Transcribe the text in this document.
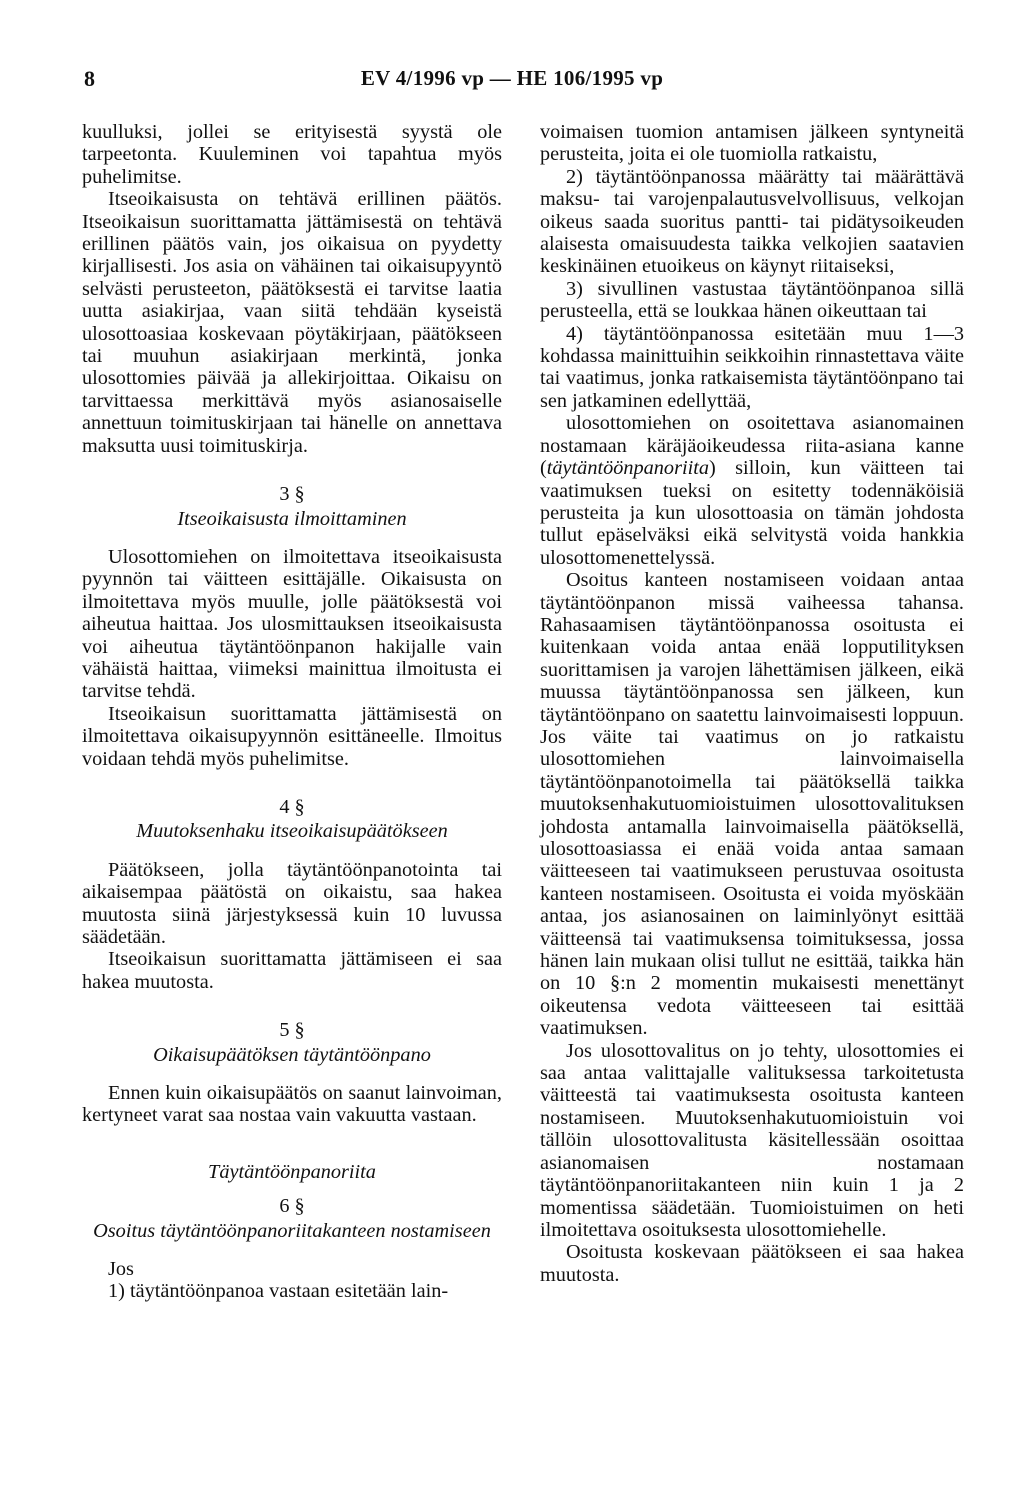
8	EV 4/1996 vp — HE 106/1995 vp

kuulluksi, jollei se erityisestä syystä ole tarpeetonta. Kuuleminen voi tapahtua myös puhelimitse.

Itseoikaisusta on tehtävä erillinen päätös. Itseoikaisun suorittamatta jättämisestä on tehtävä erillinen päätös vain, jos oikaisua on pyydetty kirjallisesti. Jos asia on vähäinen tai oikaisupyyntö selvästi perusteeton, päätöksestä ei tarvitse laatia uutta asiakirjaa, vaan siitä tehdään kyseistä ulosottoasiaa koskevaan pöytäkirjaan, päätökseen tai muuhun asiakirjaan merkintä, jonka ulosottomies päivää ja allekirjoittaa. Oikaisu on tarvittaessa merkittävä myös asianosaiselle annettuun toimituskirjaan tai hänelle on annettava maksutta uusi toimituskirja.

3 §
Itseoikaisusta ilmoittaminen

Ulosottomiehen on ilmoitettava itseoikaisusta pyynnön tai väitteen esittäjälle. Oikaisusta on ilmoitettava myös muulle, jolle päätöksestä voi aiheutua haittaa. Jos ulosmittauksen itseoikaisusta voi aiheutua täytäntöönpanon hakijalle vain vähäistä haittaa, viimeksi mainittua ilmoitusta ei tarvitse tehdä.

Itseoikaisun suorittamatta jättämisestä on ilmoitettava oikaisupyynnön esittäneelle. Ilmoitus voidaan tehdä myös puhelimitse.

4 §
Muutoksenhaku itseoikaisupäätökseen

Päätökseen, jolla täytäntöönpanotointa tai aikaisempaa päätöstä on oikaistu, saa hakea muutosta siinä järjestyksessä kuin 10 luvussa säädetään.

Itseoikaisun suorittamatta jättämiseen ei saa hakea muutosta.

5 §
Oikaisupäätöksen täytäntöönpano

Ennen kuin oikaisupäätös on saanut lainvoiman, kertyneet varat saa nostaa vain vakuutta vastaan.

Täytäntöönpanoriita
6 §
Osoitus täytäntöönpanoriitakanteen nostamiseen

Jos

1) täytäntöönpanoa vastaan esitetään lain-

voimaisen tuomion antamisen jälkeen syntyneitä perusteita, joita ei ole tuomiolla ratkaistu,

2) täytäntöönpanossa määrätty tai määrättävä maksu- tai varojenpalautusvelvollisuus, velkojan oikeus saada suoritus pantti- tai pidätysoikeuden alaisesta omaisuudesta taikka velkojien saatavien keskinäinen etuoikeus on käynyt riitaiseksi,

3) sivullinen vastustaa täytäntöönpanoa sillä perusteella, että se loukkaa hänen oikeuttaan tai

4) täytäntöönpanossa esitetään muu 1—3 kohdassa mainittuihin seikkoihin rinnastettava väite tai vaatimus, jonka ratkaisemista täytäntöönpano tai sen jatkaminen edellyttää,

ulosottomiehen on osoitettava asianomainen nostamaan käräjäoikeudessa riita-asiana kanne (täytäntöönpanoriita) silloin, kun väitteen tai vaatimuksen tueksi on esitetty todennäköisiä perusteita ja kun ulosottoasia on tämän johdosta tullut epäselväksi eikä selvitystä voida hankkia ulosottomenettelyssä.

Osoitus kanteen nostamiseen voidaan antaa täytäntöönpanon missä vaiheessa tahansa. Rahasaamisen täytäntöönpanossa osoitusta ei kuitenkaan voida antaa enää lopputilityksen suorittamisen ja varojen lähettämisen jälkeen, eikä muussa täytäntöönpanossa sen jälkeen, kun täytäntöönpano on saatettu lainvoimaisesti loppuun. Jos väite tai vaatimus on jo ratkaistu ulosottomiehen lainvoimaisella täytäntöönpanotoimella tai päätöksellä taikka muutoksenhakutuomioistuimen ulosottovalituksen johdosta antamalla lainvoimaisella päätöksellä, ulosottoasiassa ei enää voida antaa samaan väitteeseen tai vaatimukseen perustuvaa osoitusta kanteen nostamiseen. Osoitusta ei voida myöskään antaa, jos asianosainen on laiminlyönyt esittää väitteensä tai vaatimuksensa toimituksessa, jossa hänen lain mukaan olisi tullut ne esittää, taikka hän on 10 §:n 2 momentin mukaisesti menettänyt oikeutensa vedota väitteeseen tai esittää vaatimuksen.

Jos ulosottovalitus on jo tehty, ulosottomies ei saa antaa valittajalle valituksessa tarkoitetusta väitteestä tai vaatimuksesta osoitusta kanteen nostamiseen. Muutoksenhakutuomioistuin voi tällöin ulosottovalitusta käsitellessään osoittaa asianomaisen nostamaan täytäntöönpanoriitakanteen niin kuin 1 ja 2 momentissa säädetään. Tuomioistuimen on heti ilmoitettava osoituksesta ulosottomiehelle.

Osoitusta koskevaan päätökseen ei saa hakea muutosta.
